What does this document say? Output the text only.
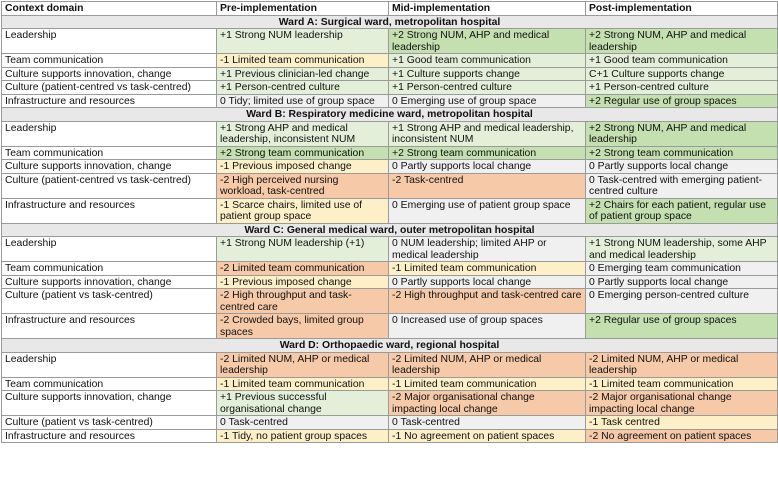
Context domain	Pre-implementation	Mid-implementation	Post-implementation
Ward A: Surgical ward, metropolitan hospital			
Leadership	+1 Strong NUM leadership	+2 Strong NUM, AHP and medical leadership	+2 Strong NUM, AHP and medical leadership
Team communication	-1 Limited team communication	+1 Good team communication	+1 Good team communication
Culture supports innovation, change	+1 Previous clinician-led change	+1 Culture supports change	C+1 Culture supports change
Culture (patient-centred vs task-centred)	+1 Person-centred culture	+1 Person-centred culture	+1 Person-centred culture
Infrastructure and resources	0 Tidy; limited use of group space	0 Emerging use of group space	+2 Regular use of group spaces
Ward B: Respiratory medicine ward, metropolitan hospital			
Leadership	+1 Strong AHP and medical leadership, inconsistent NUM	+1 Strong AHP and medical leadership, inconsistent NUM	+2 Strong NUM, AHP and medical leadership
Team communication	+2 Strong team communication	+2 Strong team communication	+2 Strong team communication
Culture supports innovation, change	-1 Previous imposed change	0 Partly supports local change	0 Partly supports local change
Culture (patient-centred vs task-centred)	-2 High perceived nursing workload, task-centred	-2 Task-centred	0 Task-centred with emerging patient-centred culture
Infrastructure and resources	-1 Scarce chairs, limited use of patient group space	0 Emerging use of patient group space	+2 Chairs for each patient, regular use of patient group space
Ward C: General medical ward, outer metropolitan hospital			
Leadership	+1 Strong NUM leadership (+1)	0 NUM leadership; limited AHP or medical leadership	+1 Strong NUM leadership, some AHP and medical leadership
Team communication	-2 Limited team communication	-1 Limited team communication	0 Emerging team communication
Culture supports innovation, change	-1 Previous imposed change	0 Partly supports local change	0 Partly supports local change
Culture (patient vs task-centred)	-2 High throughput and task-centred care	-2 High throughput and task-centred care	0 Emerging person-centred culture
Infrastructure and resources	-2 Crowded bays, limited group spaces	0 Increased use of group spaces	+2 Regular use of group spaces
Ward D: Orthopaedic ward, regional hospital			
Leadership	-2 Limited NUM, AHP or medical leadership	-2 Limited NUM, AHP or medical leadership	-2 Limited NUM, AHP or medical leadership
Team communication	-1 Limited team communication	-1 Limited team communication	-1 Limited team communication
Culture supports innovation, change	+1 Previous successful organisational change	-2 Major organisational change impacting local change	-2 Major organisational change impacting local change
Culture (patient vs task-centred)	0 Task-centred	0 Task-centred	-1 Task centred
Infrastructure and resources	-1 Tidy, no patient group spaces	-1 No agreement on patient spaces	-2 No agreement on patient spaces
